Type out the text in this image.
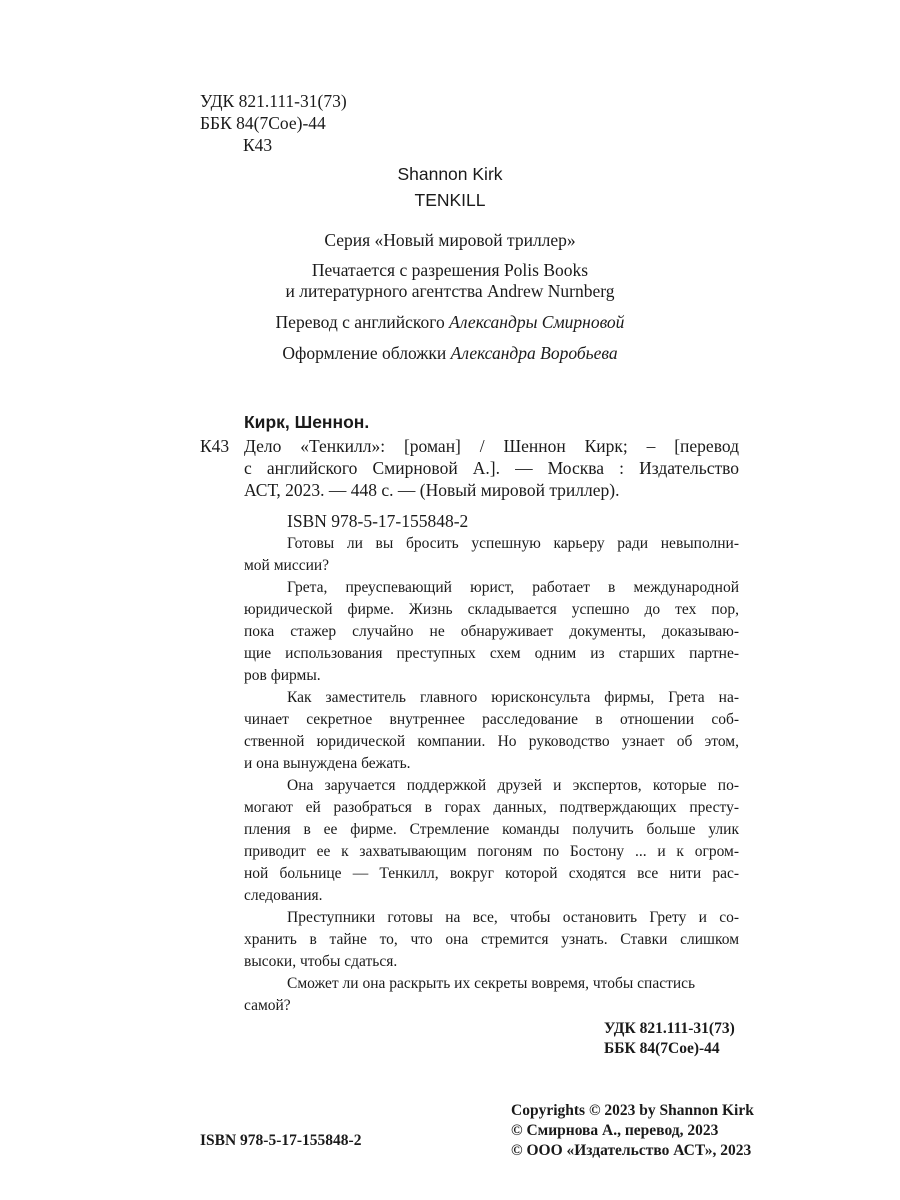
УДК 821.111-31(73)
ББК 84(7Сое)-44
К43
Shannon Kirk
TENKILL
Серия «Новый мировой триллер»
Печатается с разрешения Polis Books
и литературного агентства Andrew Nurnberg
Перевод с английского Александры Смирновой
Оформление обложки Александра Воробьева
Кирк, Шеннон.
К43 Дело «Тенкилл»: [роман] / Шеннон Кирк; – [перевод
с английского Смирновой А.]. — Москва : Издательство
АСТ, 2023. — 448 с. — (Новый мировой триллер).
ISBN 978-5-17-155848-2
Готовы ли вы бросить успешную карьеру ради невыполни-
мой миссии?
Грета, преуспевающий юрист, работает в международной
юридической фирме. Жизнь складывается успешно до тех пор,
пока стажер случайно не обнаруживает документы, доказываю-
щие использования преступных схем одним из старших партне-
ров фирмы.
Как заместитель главного юрисконсульта фирмы, Грета на-
чинает секретное внутреннее расследование в отношении соб-
ственной юридической компании. Но руководство узнает об этом,
и она вынуждена бежать.
Она заручается поддержкой друзей и экспертов, которые по-
могают ей разобраться в горах данных, подтверждающих престу-
пления в ее фирме. Стремление команды получить больше улик
приводит ее к захватывающим погоням по Бостону ... и к огром-
ной больнице — Тенкилл, вокруг которой сходятся все нити рас-
следования.
Преступники готовы на все, чтобы остановить Грету и со-
хранить в тайне то, что она стремится узнать. Ставки слишком
высоки, чтобы сдаться.
Сможет ли она раскрыть их секреты вовремя, чтобы спастись
самой?
УДК 821.111-31(73)
ББК 84(7Сое)-44
Copyrights © 2023 by Shannon Kirk
© Смирнова А., перевод, 2023
ISBN 978-5-17-155848-2
© ООО «Издательство АСТ», 2023
